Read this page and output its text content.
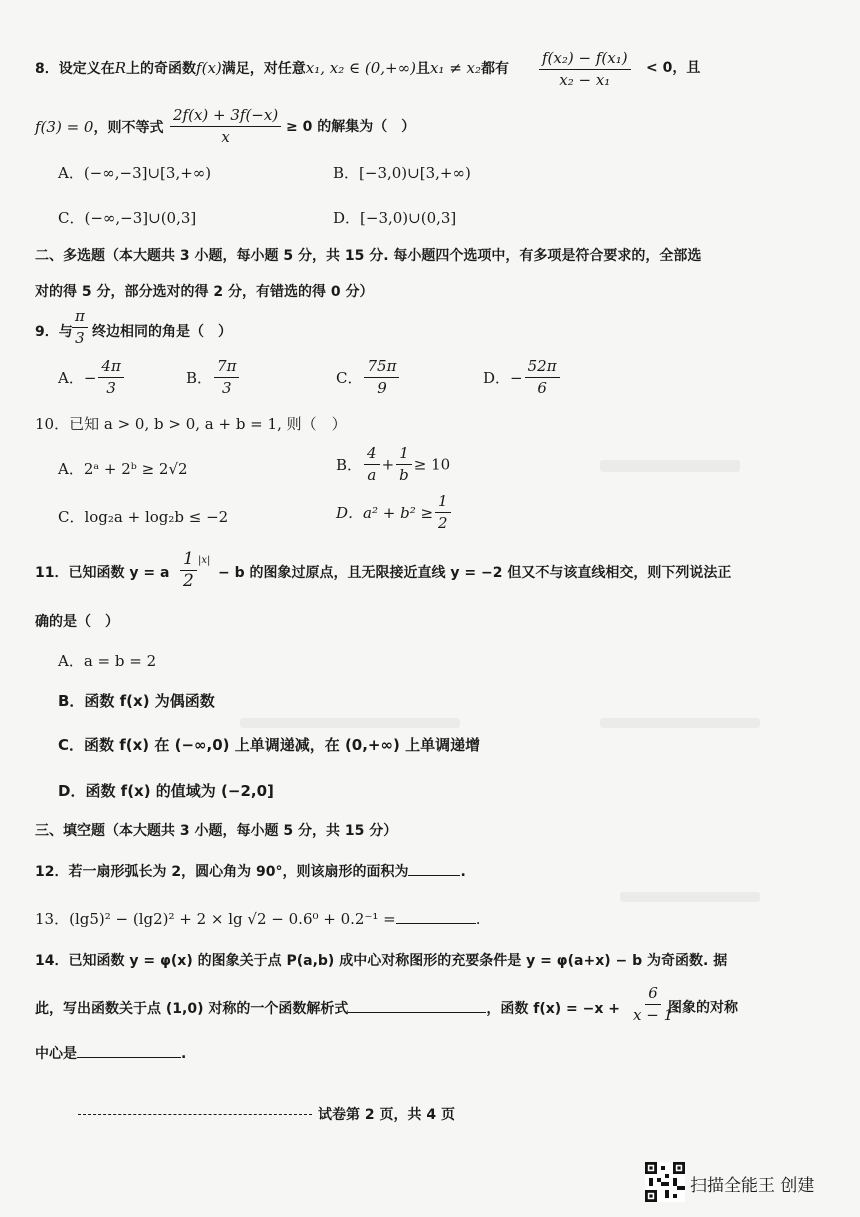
8．设定义在R上的奇函数f(x)满足，对任意x₁, x₂ ∈ (0,+∞)且x₁ ≠ x₂都有 $\frac{\text{f(x₂) − f(x₁)}}{\text{x₂ − x₁}} < 0$，且
f(3) = 0，则不等式 $\frac{2f(x) + 3f(-x)}{x} \ge 0$ 的解集为（　）
A．(−∞,−3]∪[3,+∞)	B．[−3,0)∪[3,+∞)
C．(−∞,−3]∪(0,3]	D．[−3,0)∪(0,3]
二、多选题（本大题共 3 小题，每小题 5 分，共 15 分. 每小题四个选项中，有多项是符合要求的，全部选
对的得 5 分，部分选对的得 2 分，有错选的得 0 分）
9．与 $\frac{\pi}{3}$ 终边相同的角是（　）
A．− $\frac{4\pi}{3}$	B． $\frac{7\pi}{3}$	C． $\frac{75\pi}{9}$	D．− $\frac{52\pi}{6}$
10．已知 a > 0, b > 0, a + b = 1, 则（　）
A．2ᵃ + 2ᵇ ≥ 2√2	B． $\frac{4}{a} + \frac{1}{b} \ge 10$
C．log₂a + log₂b ≤ −2	D．$a^2 + b^2 \ge \frac{1}{2}$
11．已知函数 y = a $\frac{1}{2} |x|$
− b 的图象过原点，且无限接近直线 y = −2 但又不与该直线相交，则下列说法正
确的是（　）
A．a = b = 2
B．函数 f(x) 为偶函数
C．函数 f(x) 在 (−∞,0) 上单调递减，在 (0,+∞) 上单调递增
D．函数 f(x) 的值域为 (−2,0]
三、填空题（本大题共 3 小题，每小题 5 分，共 15 分）
12．若一扇形弧长为 2，圆心角为 90°，则该扇形的面积为	.
13．(lg5)² − (lg2)² + 2 × lg √2 − 0.6⁰ + 0.2⁻¹ =	.
14．已知函数 y = φ(x) 的图象关于点 P(a,b) 成中心对称图形的充要条件是 y = φ(a+x) − b 为奇函数. 据
此，写出函数关于点 (1,0) 对称的一个函数解析式	，函数 $f(x) = -x + \frac{6}{x - 1}$
图象的对称
中心是	.
试卷第 2 页，共 4 页
扫描全能王 创建
